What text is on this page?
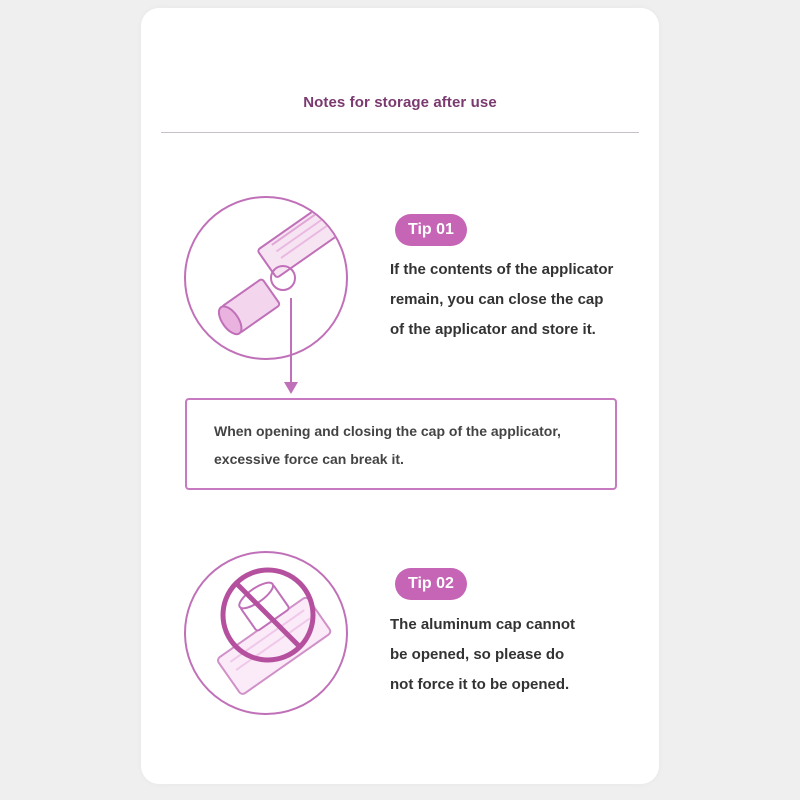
Notes for storage after use
Tip 01
If the contents of the applicator
remain, you can close the cap
of the applicator and store it.
When opening and closing the cap of the applicator,
excessive force can break it.
Tip 02
The aluminum cap cannot
be opened, so please do
not force it to be opened.
